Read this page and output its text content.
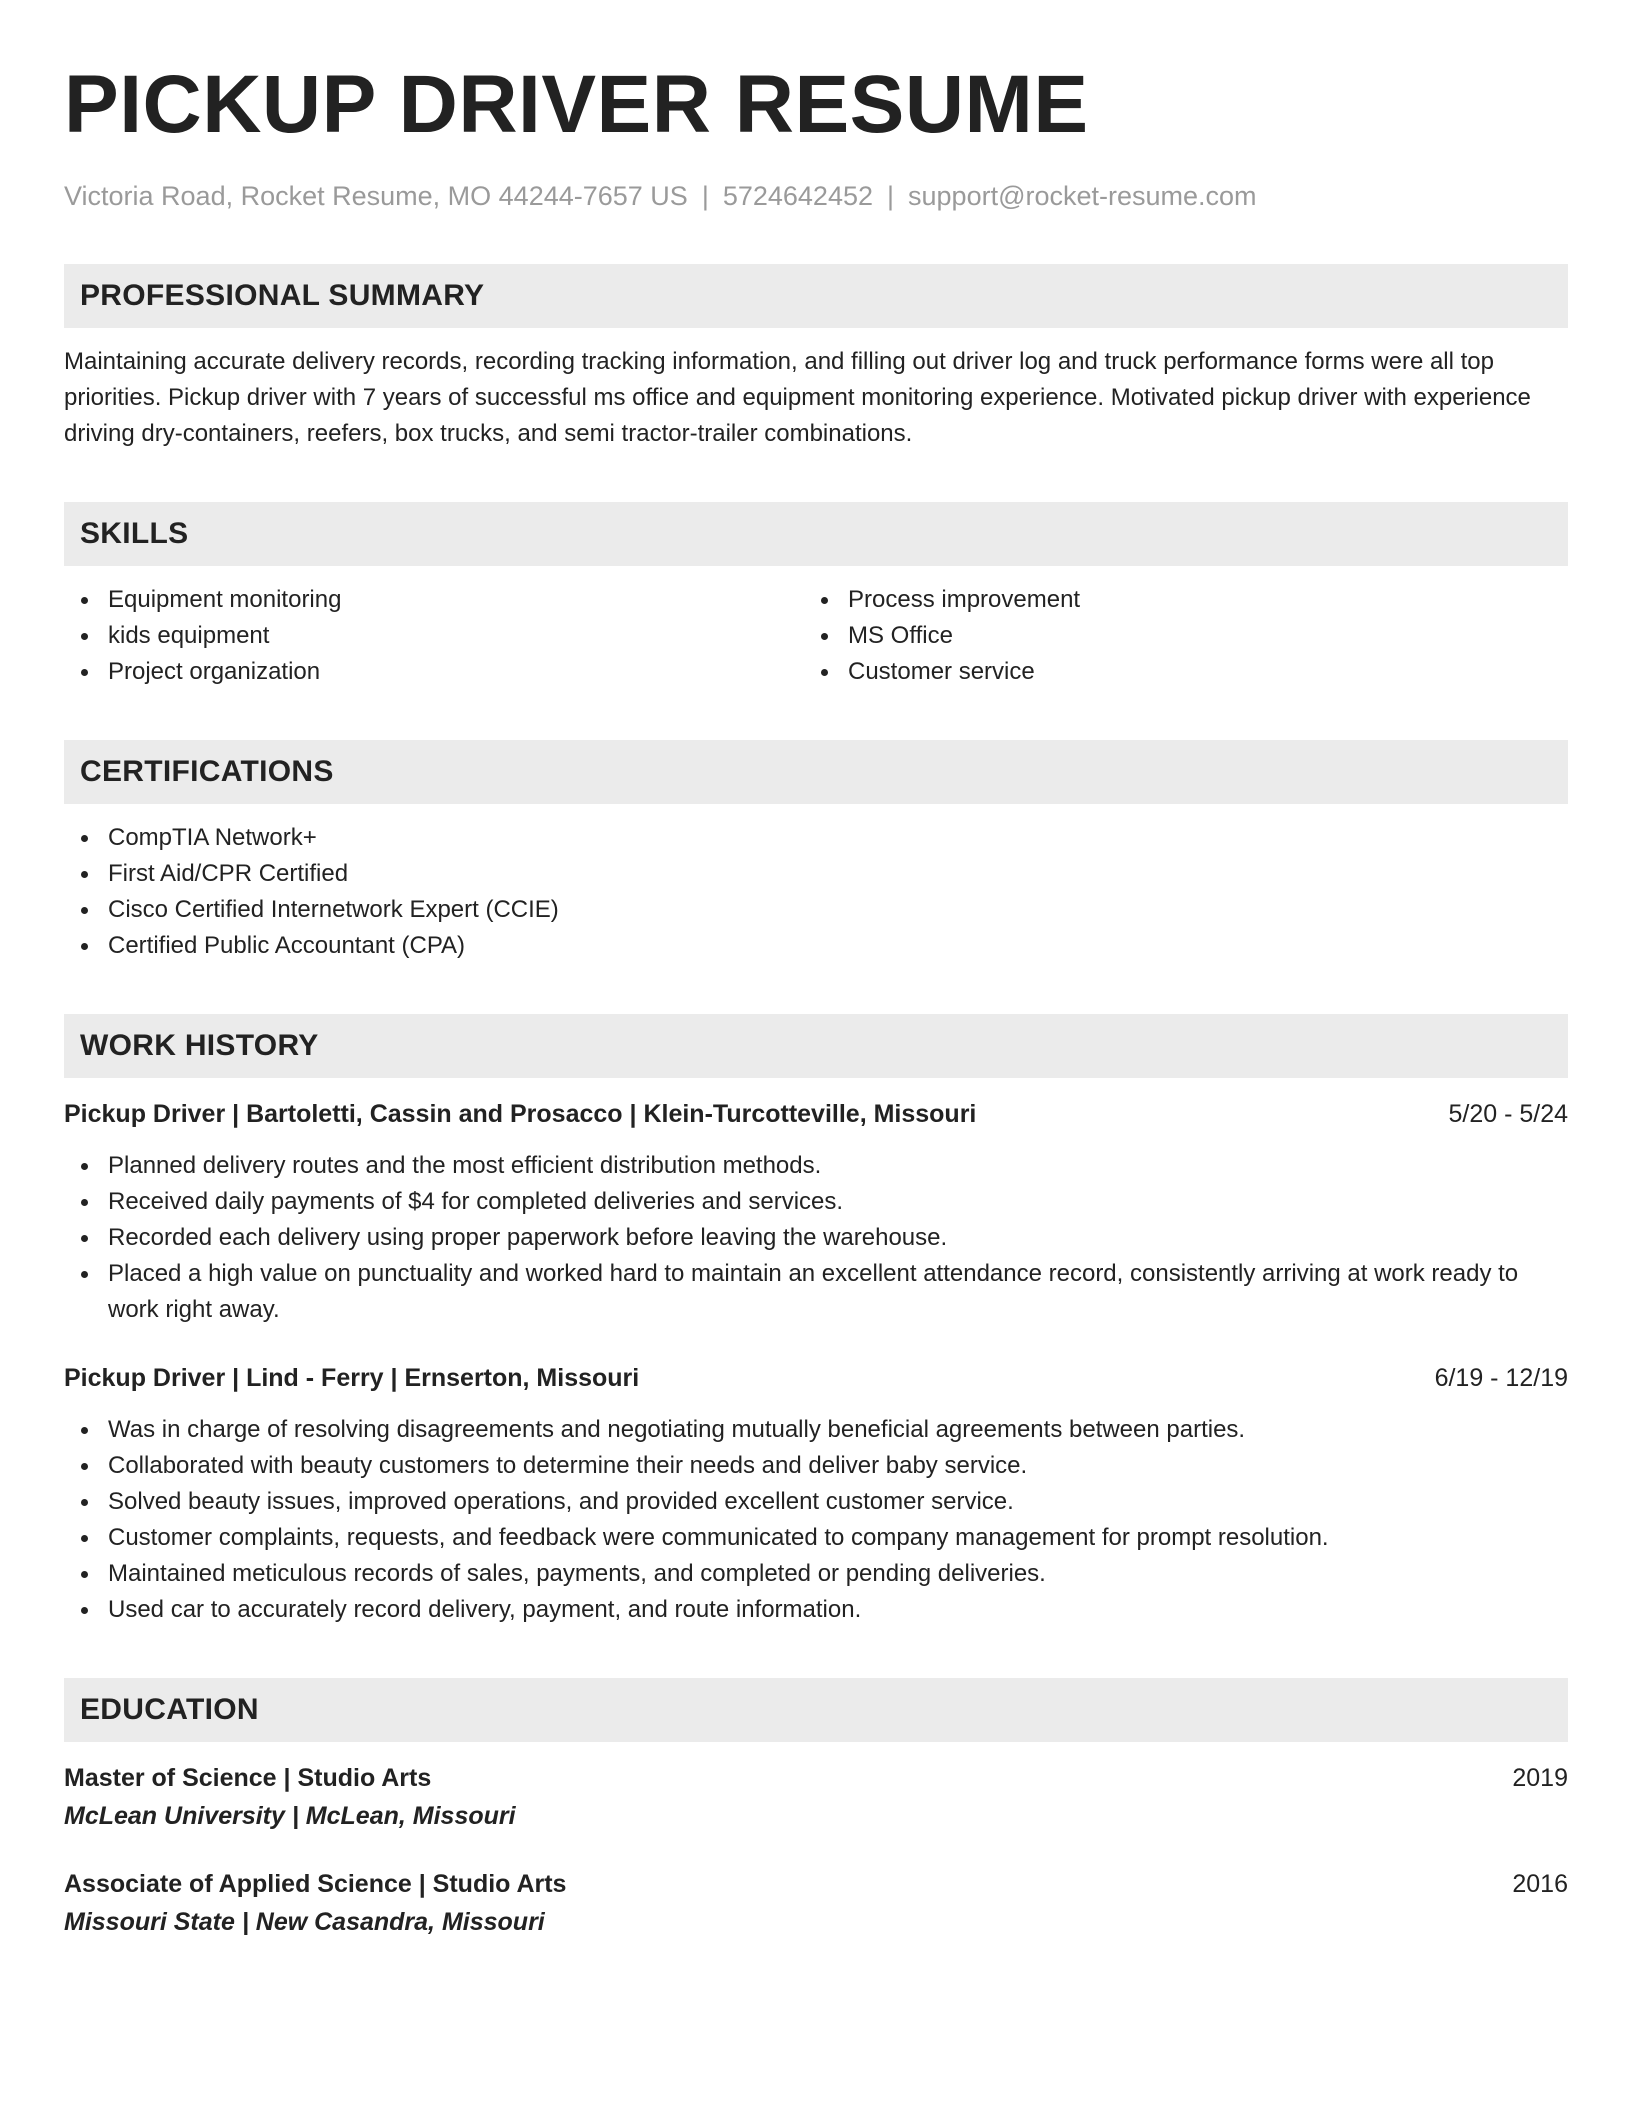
PICKUP DRIVER RESUME
Victoria Road, Rocket Resume, MO 44244-7657 US | 5724642452 | support@rocket-resume.com
PROFESSIONAL SUMMARY

Maintaining accurate delivery records, recording tracking information, and filling out driver log and truck performance forms were all top priorities. Pickup driver with 7 years of successful ms office and equipment monitoring experience. Motivated pickup driver with experience driving dry-containers, reefers, box trucks, and semi tractor-trailer combinations.

SKILLS
Equipment monitoring
kids equipment
Project organization
Process improvement
MS Office
Customer service
CERTIFICATIONS
CompTIA Network+
First Aid/CPR Certified
Cisco Certified Internetwork Expert (CCIE)
Certified Public Accountant (CPA)
WORK HISTORY
Pickup Driver | Bartoletti, Cassin and Prosacco | Klein-Turcotteville, Missouri	5/20 - 5/24
Planned delivery routes and the most efficient distribution methods.
Received daily payments of $4 for completed deliveries and services.
Recorded each delivery using proper paperwork before leaving the warehouse.
Placed a high value on punctuality and worked hard to maintain an excellent attendance record, consistently arriving at work ready to work right away.
Pickup Driver | Lind - Ferry | Ernserton, Missouri	6/19 - 12/19
Was in charge of resolving disagreements and negotiating mutually beneficial agreements between parties.
Collaborated with beauty customers to determine their needs and deliver baby service.
Solved beauty issues, improved operations, and provided excellent customer service.
Customer complaints, requests, and feedback were communicated to company management for prompt resolution.
Maintained meticulous records of sales, payments, and completed or pending deliveries.
Used car to accurately record delivery, payment, and route information.
EDUCATION
Master of Science | Studio Arts	2019
McLean University | McLean, Missouri
Associate of Applied Science | Studio Arts	2016
Missouri State | New Casandra, Missouri
